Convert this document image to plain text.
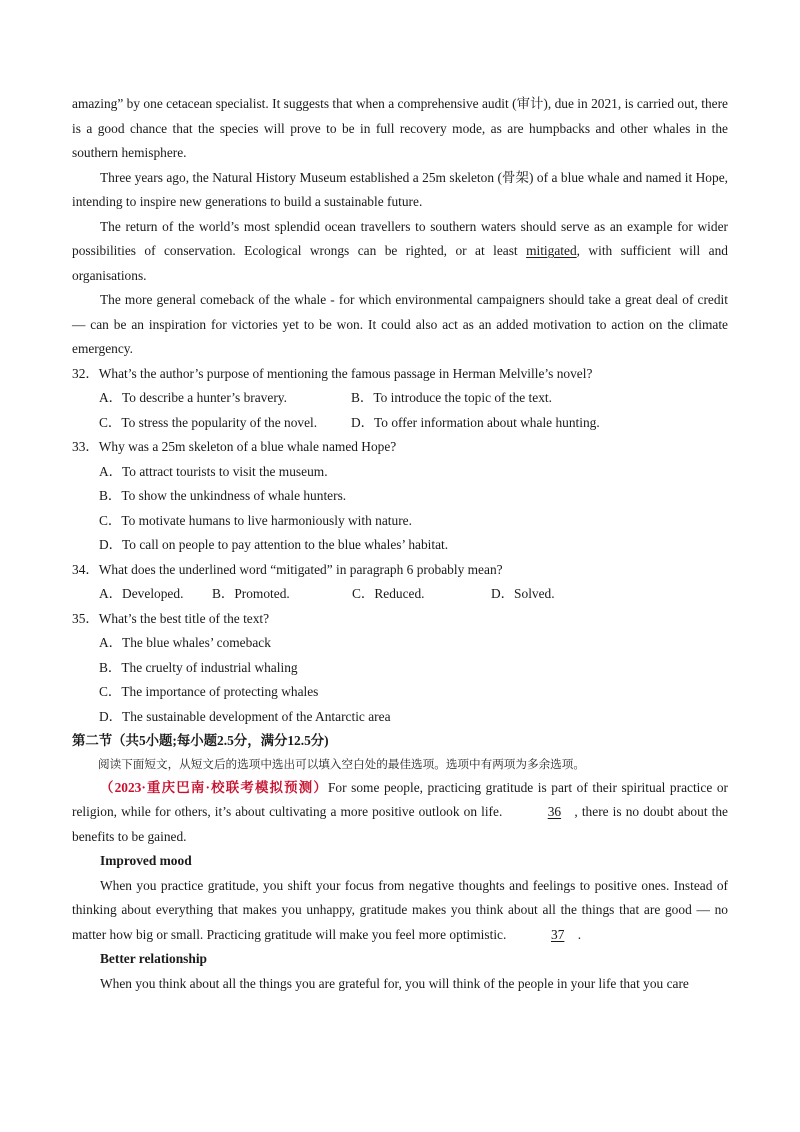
amazing” by one cetacean specialist. It suggests that when a comprehensive audit (审计), due in 2021, is carried out, there is a good chance that the species will prove to be in full recovery mode, as are humpbacks and other whales in the southern hemisphere.

Three years ago, the Natural History Museum established a 25m skeleton (骨架) of a blue whale and named it Hope, intending to inspire new generations to build a sustainable future.

The return of the world’s most splendid ocean travellers to southern waters should serve as an example for wider possibilities of conservation. Ecological wrongs can be righted, or at least mitigated, with sufficient will and organisations.

The more general comeback of the whale - for which environmental campaigners should take a great deal of credit — can be an inspiration for victories yet to be won. It could also act as an added motivation to action on the climate emergency.

32．What’s the author’s purpose of mentioning the famous passage in Herman Melville’s novel?

A．To describe a hunter’s bravery.	B．To introduce the topic of the text.

C．To stress the popularity of the novel.	D．To offer information about whale hunting.

33．Why was a 25m skeleton of a blue whale named Hope?

A．To attract tourists to visit the museum.

B．To show the unkindness of whale hunters.

C．To motivate humans to live harmoniously with nature.

D．To call on people to pay attention to the blue whales’ habitat.

34．What does the underlined word “mitigated” in paragraph 6 probably mean?

A．Developed.	B．Promoted.	C．Reduced.	D．Solved.

35．What’s the best title of the text?

A．The blue whales’ comeback

B．The cruelty of industrial whaling

C．The importance of protecting whales

D．The sustainable development of the Antarctic area

第二节（共5小题;每小题2.5分，满分12.5分)

阅读下面短文，从短文后的选项中选出可以填入空白处的最佳选项。选项中有两项为多余选项。

（2023·重庆巴南·校联考模拟预测）For some people, practicing gratitude is part of their spiritual practice or religion, while for others, it’s about cultivating a more positive outlook on life.	36 , there is no doubt about the benefits to be gained.

Improved mood

When you practice gratitude, you shift your focus from negative thoughts and feelings to positive ones. Instead of thinking about everything that makes you unhappy, gratitude makes you think about all the things that are good — no matter how big or small. Practicing gratitude will make you feel more optimistic.	37 .

Better relationship

When you think about all the things you are grateful for, you will think of the people in your life that you care
